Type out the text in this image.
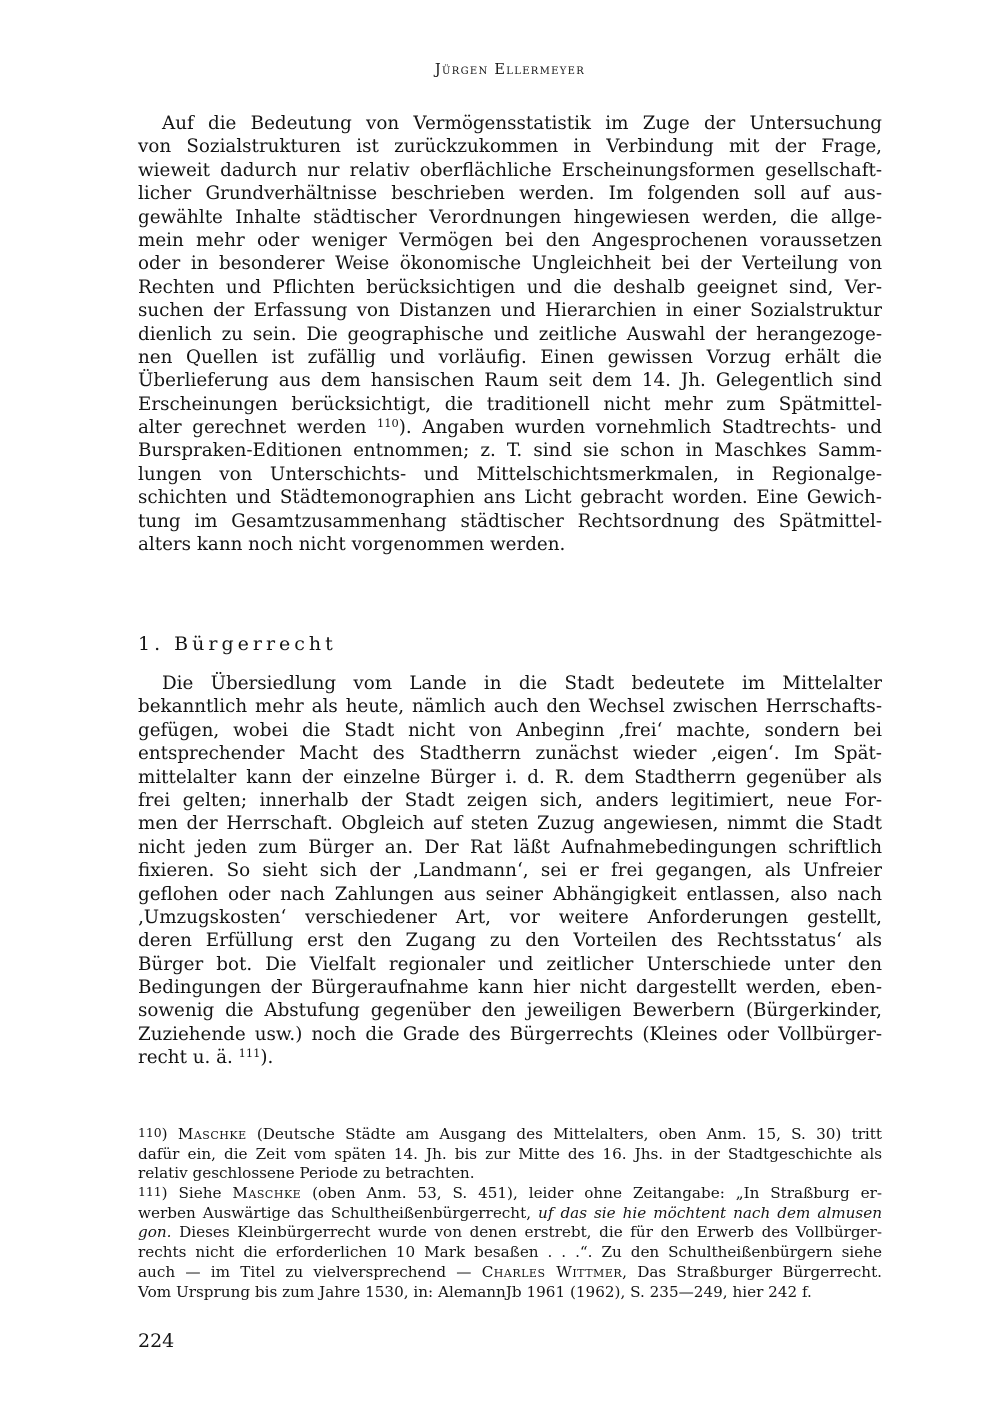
Jürgen Ellermeyer
Auf die Bedeutung von Vermögensstatistik im Zuge der Untersuchung
von Sozialstrukturen ist zurückzukommen in Verbindung mit der Frage,
wieweit dadurch nur relativ oberflächliche Erscheinungsformen gesellschaft-
licher Grundverhältnisse beschrieben werden. Im folgenden soll auf aus-
gewählte Inhalte städtischer Verordnungen hingewiesen werden, die allge-
mein mehr oder weniger Vermögen bei den Angesprochenen voraussetzen
oder in besonderer Weise ökonomische Ungleichheit bei der Verteilung von
Rechten und Pflichten berücksichtigen und die deshalb geeignet sind, Ver-
suchen der Erfassung von Distanzen und Hierarchien in einer Sozialstruktur
dienlich zu sein. Die geographische und zeitliche Auswahl der herangezoge-
nen Quellen ist zufällig und vorläufig. Einen gewissen Vorzug erhält die
Überlieferung aus dem hansischen Raum seit dem 14. Jh. Gelegentlich sind
Erscheinungen berücksichtigt, die traditionell nicht mehr zum Spätmittel-
alter gerechnet werden $^{110}$). Angaben wurden vornehmlich Stadtrechts- und
Burspraken-Editionen entnommen; z. T. sind sie schon in Maschkes Samm-
lungen von Unterschichts- und Mittelschichtsmerkmalen, in Regionalge-
schichten und Städtemonographien ans Licht gebracht worden. Eine Gewich-
tung im Gesamtzusammenhang städtischer Rechtsordnung des Spätmittel-
alters kann noch nicht vorgenommen werden.
1. Bürgerrecht
Die Übersiedlung vom Lande in die Stadt bedeutete im Mittelalter
bekanntlich mehr als heute, nämlich auch den Wechsel zwischen Herrschafts-
gefügen, wobei die Stadt nicht von Anbeginn ‚frei‘ machte, sondern bei
entsprechender Macht des Stadtherrn zunächst wieder ‚eigen‘. Im Spät-
mittelalter kann der einzelne Bürger i. d. R. dem Stadtherrn gegenüber als
frei gelten; innerhalb der Stadt zeigen sich, anders legitimiert, neue For-
men der Herrschaft. Obgleich auf steten Zuzug angewiesen, nimmt die Stadt
nicht jeden zum Bürger an. Der Rat läßt Aufnahmebedingungen schriftlich
fixieren. So sieht sich der ‚Landmann‘, sei er frei gegangen, als Unfreier
geflohen oder nach Zahlungen aus seiner Abhängigkeit entlassen, also nach
‚Umzugskosten‘ verschiedener Art, vor weitere Anforderungen gestellt,
deren Erfüllung erst den Zugang zu den Vorteilen des Rechtsstatus‘ als
Bürger bot. Die Vielfalt regionaler und zeitlicher Unterschiede unter den
Bedingungen der Bürgeraufnahme kann hier nicht dargestellt werden, eben-
sowenig die Abstufung gegenüber den jeweiligen Bewerbern (Bürgerkinder,
Zuziehende usw.) noch die Grade des Bürgerrechts (Kleines oder Vollbürger-
recht u. ä. $^{111}$).
$^{110}$) Maschke (Deutsche Städte am Ausgang des Mittelalters, oben Anm. 15, S. 30) tritt
dafür ein, die Zeit vom späten 14. Jh. bis zur Mitte des 16. Jhs. in der Stadtgeschichte als
relativ geschlossene Periode zu betrachten.
$^{111}$) Siehe Maschke (oben Anm. 53, S. 451), leider ohne Zeitangabe: „In Straßburg er-
werben Auswärtige das Schultheißenbürgerrecht, uf das sie hie möchtent nach dem almusen
gon. Dieses Kleinbürgerrecht wurde von denen erstrebt, die für den Erwerb des Vollbürger-
rechts nicht die erforderlichen 10 Mark besaßen . . .“. Zu den Schultheißenbürgern siehe
auch — im Titel zu vielversprechend — Charles Wittmer, Das Straßburger Bürgerrecht.
Vom Ursprung bis zum Jahre 1530, in: AlemannJb 1961 (1962), S. 235—249, hier 242 f.
224
